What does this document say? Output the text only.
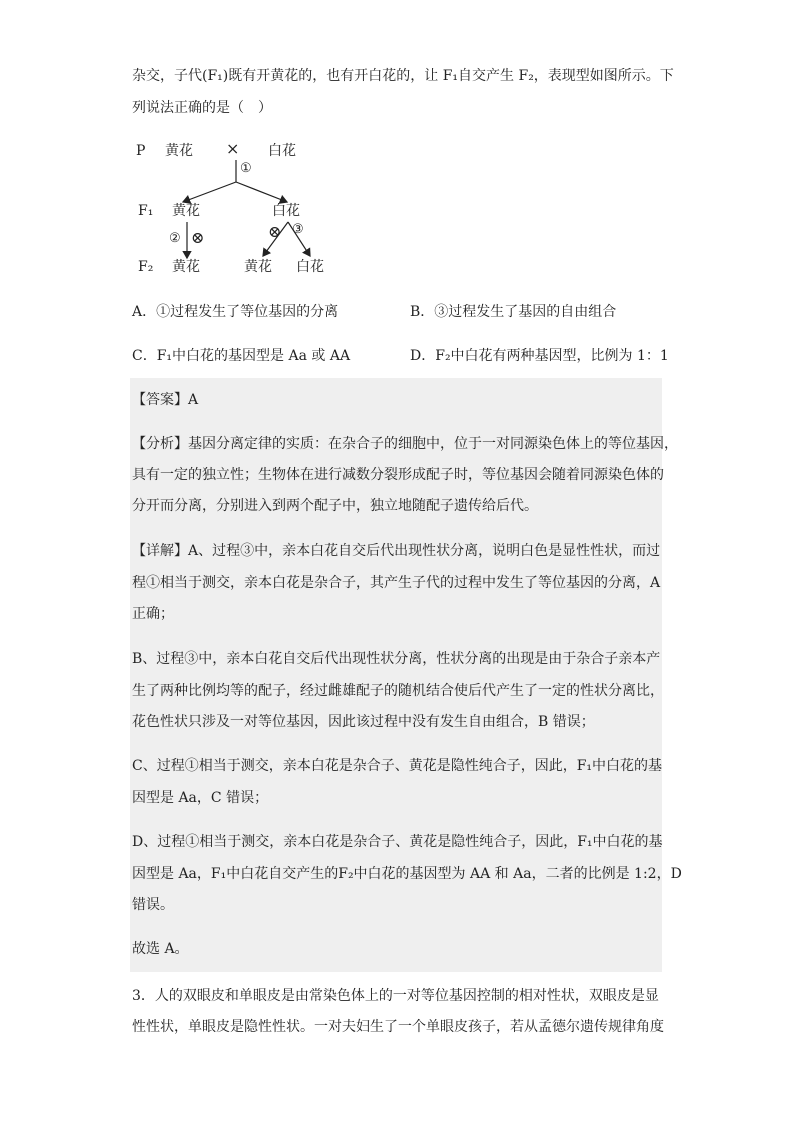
杂交，子代(F₁)既有开黄花的，也有开白花的，让 F₁自交产生 F₂，表现型如图所示。下
列说法正确的是（　）
P 黄花 × 白花
①
F₁ 黄花	白花
② ⊗	⊗ ③
F₂ 黄花	黄花 白花
A．①过程发生了等位基因的分离	B．③过程发生了基因的自由组合
C．F₁中白花的基因型是 Aa 或 AA	D．F₂中白花有两种基因型，比例为 1：1
【答案】A
【分析】基因分离定律的实质：在杂合子的细胞中，位于一对同源染色体上的等位基因，
具有一定的独立性；生物体在进行减数分裂形成配子时，等位基因会随着同源染色体的
分开而分离，分别进入到两个配子中，独立地随配子遗传给后代。
【详解】A、过程③中，亲本白花自交后代出现性状分离，说明白色是显性性状，而过
程①相当于测交，亲本白花是杂合子，其产生子代的过程中发生了等位基因的分离，A
正确；
B、过程③中，亲本白花自交后代出现性状分离，性状分离的出现是由于杂合子亲本产
生了两种比例均等的配子，经过雌雄配子的随机结合使后代产生了一定的性状分离比，
花色性状只涉及一对等位基因，因此该过程中没有发生自由组合，B 错误；
C、过程①相当于测交，亲本白花是杂合子、黄花是隐性纯合子，因此，F₁中白花的基
因型是 Aa，C 错误；
D、过程①相当于测交，亲本白花是杂合子、黄花是隐性纯合子，因此，F₁中白花的基
因型是 Aa，F₁中白花自交产生的F₂中白花的基因型为 AA 和 Aa，二者的比例是 1:2，D
错误。
故选 A。
3．人的双眼皮和单眼皮是由常染色体上的一对等位基因控制的相对性状，双眼皮是显
性性状，单眼皮是隐性性状。一对夫妇生了一个单眼皮孩子，若从孟德尔遗传规律角度
